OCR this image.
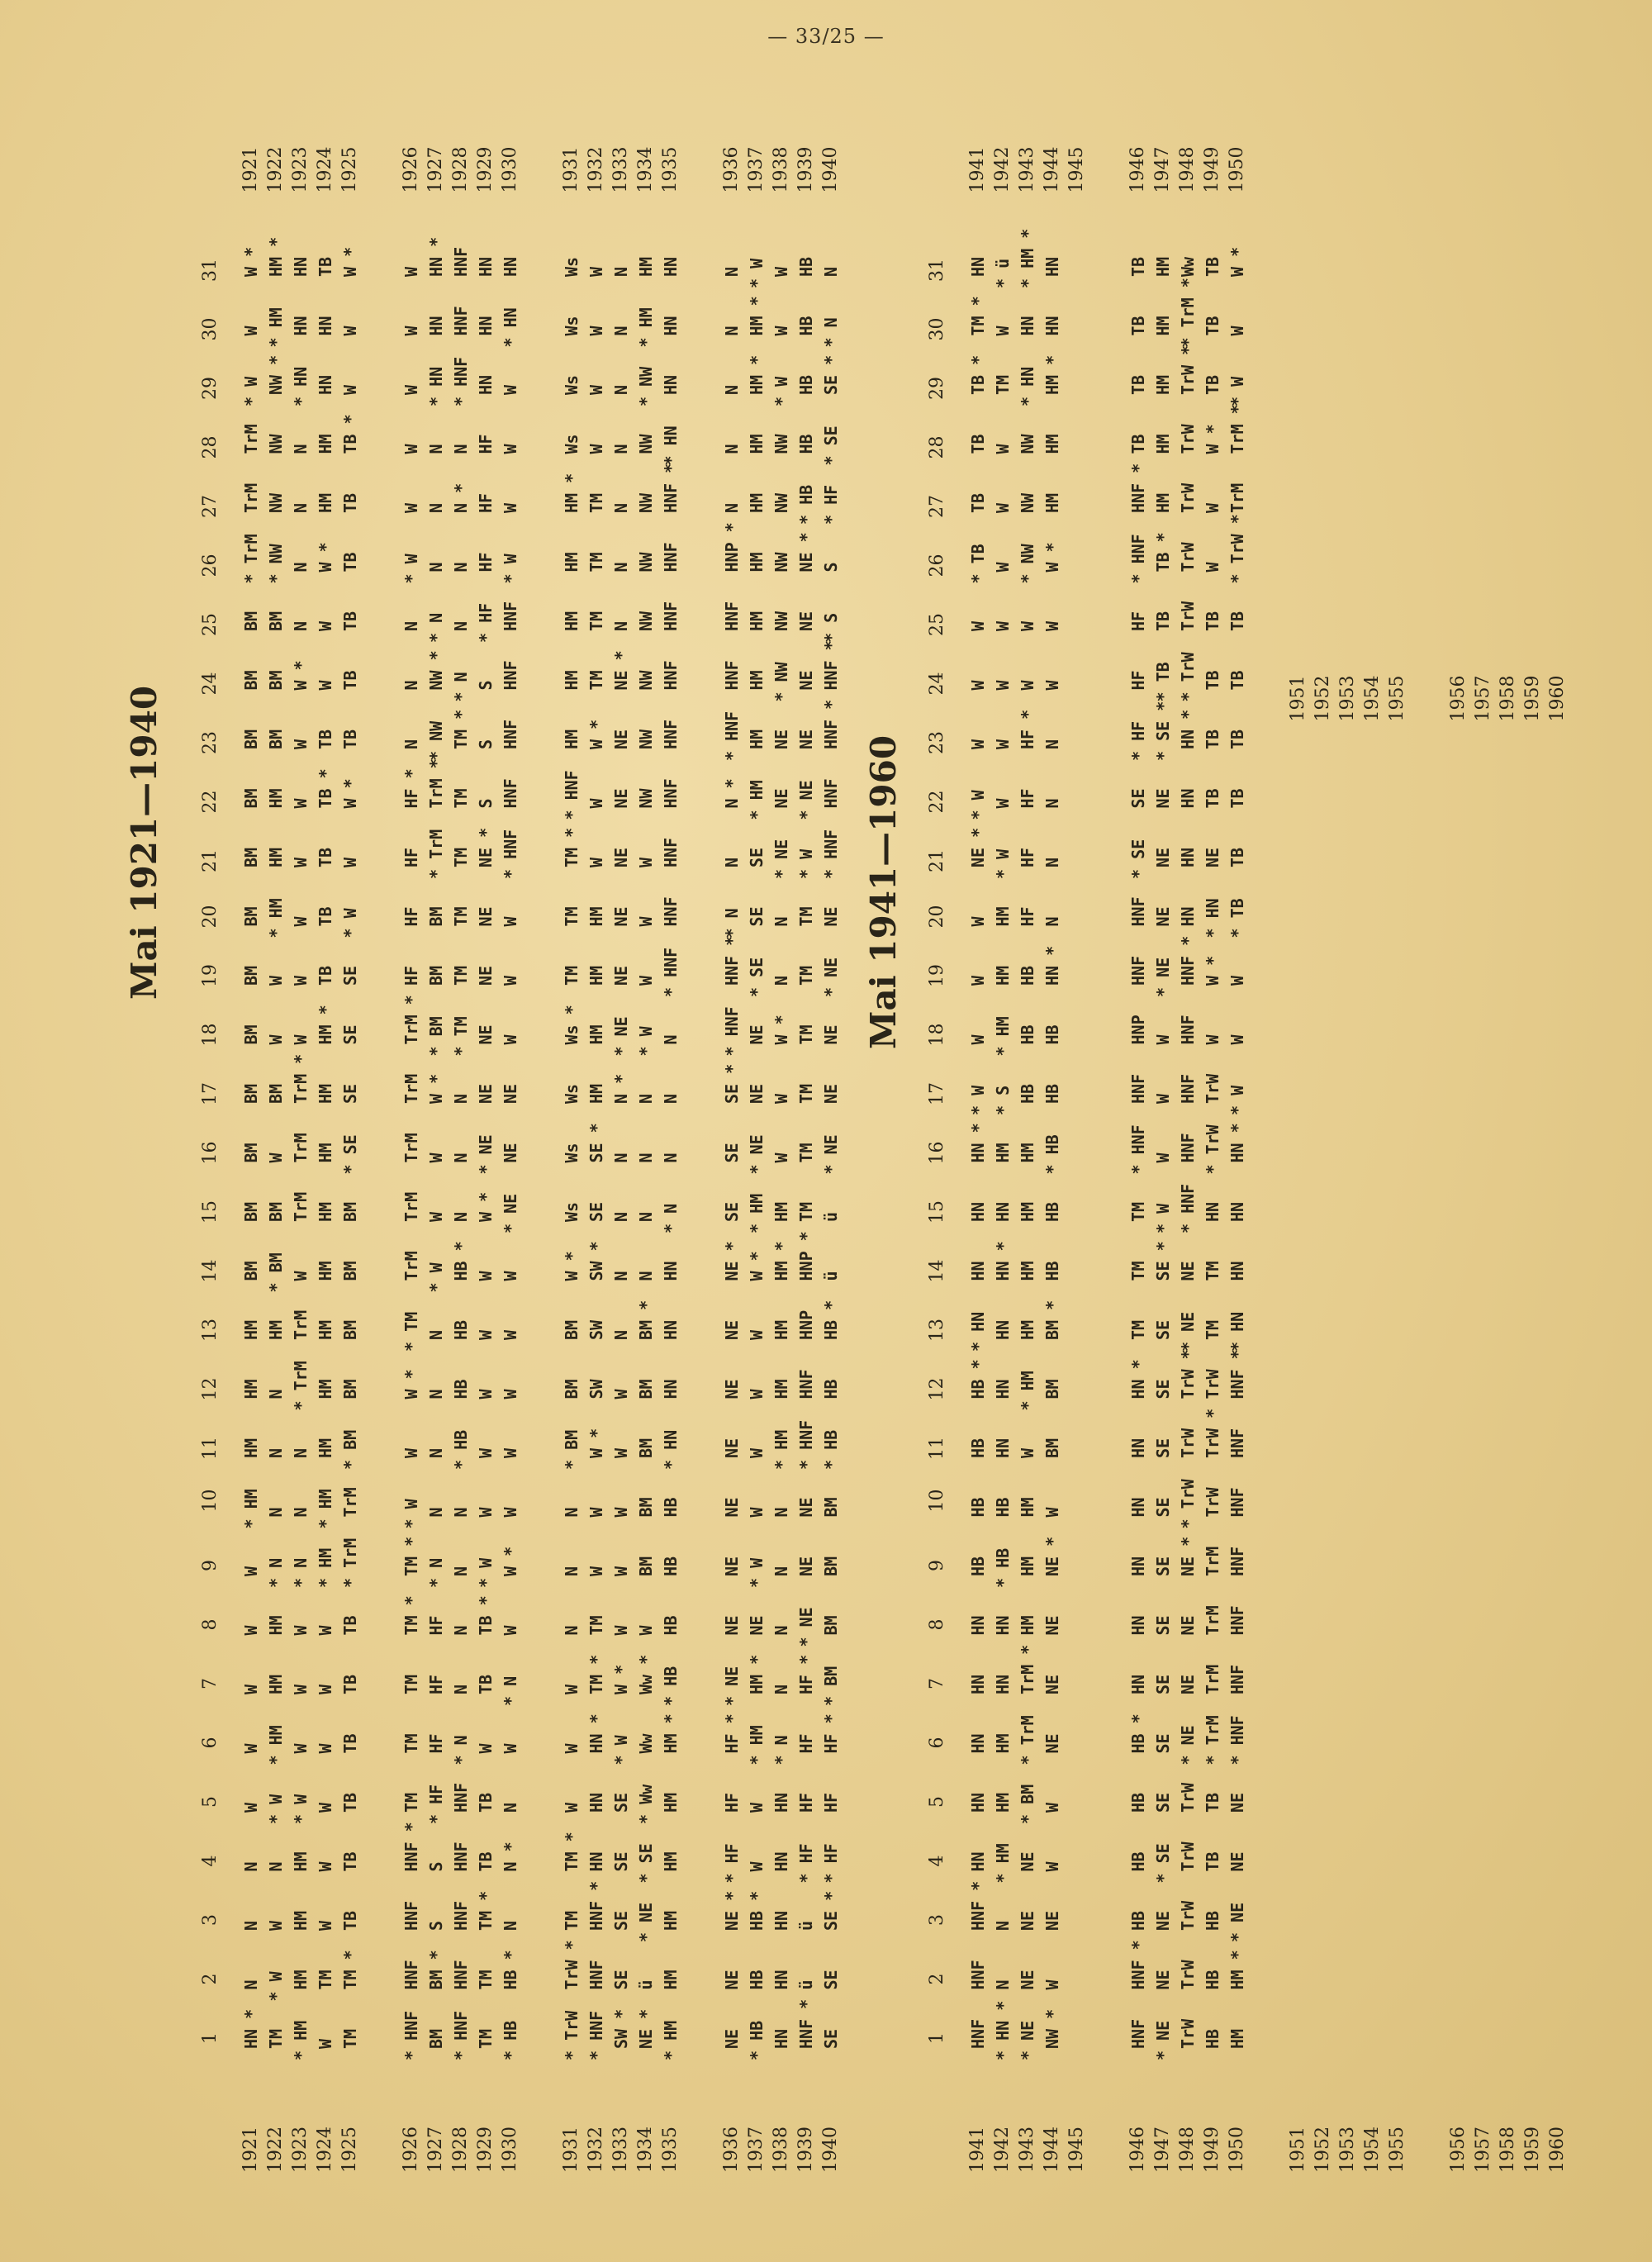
— 33/25 —
Mai 1921—1940
1
2
3
4
5
6
7
8
9
10
11
12
13
14
15
16
17
18
19
20
21
22
23
24
25
26
27
28
29
30
31
1921
1921
HN *
N
N
N
W
W
W
W
W
* HM
HM
HM
HM
BM
BM
BM
BM
BM
BM
BM
BM
BM
BM
BM
BM
* TrM
TrM
TrM
* W
W
W *
1922
1922
TM
* W
W
N
* W
* HM
HM
HM
* N
N
N
N
HM
* BM
BM
W
BM
W
W
* HM
HM
HM
BM
BM
BM
* NW
NW
NW
NW *
* HM
HM *
1923
1923
* HM
HM
HM
HM
* W
W
W
W
* N
N
N
* TrM
TrM
W
TrM
TrM
TrM *
W
W
W
W
W
W
W *
N
N
N
N
* HN
HN
HN
1924
1924
W
TM
W
W
W
W
W
W
* HM
* HM
HM
HM
HM
HM
HM
HM
HM
HM *
TB
TB
TB
TB *
TB
W
W
W *
HM
HM
HN
HN
TB
1925
1925
TM
TM *
TB
TB
TB
TB
TB
TB
* TrM
TrM
* BM
BM
BM
BM
BM
* SE
SE
SE
SE
* W
W
W *
TB
TB
TB
TB
TB
TB *
W
W
W *
1926
1926
* HNF
HNF
HNF
HNF *
TM
TM
TM
TM *
TM *
* W
W
W *
* TM
TrM
TrM
TrM
TrM
TrM *
HF
HF
HF
HF *
N
N
N
* W
W
W
W
W
W
1927
1927
BM
BM *
S
S
* HF
HF
HF
HF
* N
N
N
N
N
* W
W
W
W *
* BM
BM
BM
* TrM
TrM *
* NW
NW *
* N
N
N
N
* HN
HN
HN *
1928
1928
* HNF
HNF
HNF
HNF
HNF
* N
N
N
N
N
* HB
HB
HB
HB *
N
N
N
* TM
TM
TM
TM
TM
TM *
* N
N
N
N *
N
* HNF
HNF
HNF
1929
1929
TM
TM
TM *
TB
TB
W
TB
TB *
* W
W
W
W
W
W
W *
* NE
NE
NE
NE
NE
NE *
S
S
S
* HF
HF
HF
HF
HN
HN
HN
1930
1930
* HB
HB *
N
N *
N
W
* N
W
W *
W
W
W
W
W
* NE
NE
NE
W
W
W
* HNF
HNF
HNF
HNF
HNF
* W
W
W
W
* HN
HN
1931
1931
* TrW
TrW *
TM
TM *
W
W
W
N
N
N
* BM
BM
BM
W *
Ws
Ws
Ws
Ws *
TM
TM
TM *
* HNF
HM
HM
HM
HM
HM *
Ws
Ws
Ws
Ws
1932
1932
* HNF
HNF
HNF *
HN
HN
HN *
TM *
TM
W
W
W *
SW
SW
SW *
SE
SE *
HM
HM
HM
HM
W
W
W *
TM
TM
TM
TM
W
W
W
W
1933
1933
SW *
SE
SE
SE
SE
* W
W *
W
W
W
W
W
N
N
N
N
N *
* NE
NE
NE
NE
NE
NE
NE *
N
N
N
N
N
N
N
1934
1934
NE *
ü
* NE
* SE
* Ww
Ww
Ww *
W
BM
BM
BM
BM
BM *
N
N
N
N
* W
W
W
W
NW
NW
NW
NW
NW
NW
NW
* NW
* HM
HM
1935
1935
* HM
HM
HM
HM
HM
HM *
* HB
HB
HB
HB
* HN
HN
HN
HN
* N
N
N
N
* HNF
HNF
HNF
HNF
HNF
HNF
HNF
HNF
HNF *
* HN
HN
HN
HN
1936
1936
NE
NE
NE *
* HF
HF
HF *
* NE
NE
NE
NE
NE
NE
NE
NE *
SE
SE
SE *
* HNF
HNF *
* N
N
N *
* HNF
HNF
HNF
HNP *
N
N
N
N
N
1937
1937
* HB
HB
HB *
W
W
* HM
HM *
NE
* W
W
W
W
W
W *
* HM
* NE
NE
NE
* SE
SE
SE
* HM
HM
HM
HM
HM
HM
HM
HM *
HM *
* W
1938
1938
HN
HN
HN
HN
HN
* N
N
N
N
N
* HM
HM
HM
HM *
HM
W
W
W *
N
N
* NE
NE
NE
* NW
NW
NW
NW
NW
* W
W
W
1939
1939
HNF *
ü
ü
* HF
HF
HF
HF *
* NE
NE
NE
* HNF
HNF
HNP
HNP *
TM
TM
TM
TM
TM
TM
* W
* NE
NE
NE
NE
NE *
* HB
HB
HB
HB
HB
1940
1940
SE
SE
SE *
* HF
HF
HF *
* BM
BM
BM
BM
* HB
HB
HB *
ü
ü
* NE
NE
NE
* NE
NE
* HNF
HNF
HNF *
HNF *
* S
S
* HF
* SE
SE *
* N
N
Mai 1941—1960
1
2
3
4
5
6
7
8
9
10
11
12
13
14
15
16
17
18
19
20
21
22
23
24
25
26
27
28
29
30
31
1941
1941
HNF
HNF
HNF *
HN
HN
HN
HN
HN
HB
HB
HB
HB *
* HN
HN
HN
HN *
* W
W
W
W
NE *
* W
W
W
W
* TB
TB
TB
TB *
TM *
HN
1942
1942
* HN *
N
N
* HM
HM
HM
HN
HN
* HB
HB
HN
HN
HN
HN *
HN
HM
* S
* HM
HM
HM
* W
W
W
W
W
W
W
W
TM
W
* ü
1943
1943
* NE
NE
NE
NE
* BM
* TrM
TrM *
HM
HM
HM
W
* HM
HM
HM
HM
HM
HB
HB
HB
HF
HF
HF
HF *
W
W
* NW
NW
NW
* HN
HN
* HM *
1944
1944
NW *
W
NE
W
W
NE
NE
NE
NE *
W
BM
BM
BM *
HB
HB
* HB
HB
HB
HN *
N
N
N
N
W
W
W *
HM
HM
HM *
HN
HN
1945
1945
1946
1946
HNF
HNF *
HB
HB
HB
HB *
HN
HN
HN
HN
HN
HN *
TM
TM
TM
* HNF
HNF
HNP
HNF
HNF
* SE
SE
* HF
HF
HF
* HNF
HNF *
TB
TB
TB
TB
1947
1947
* NE
NE
NE
* SE
SE
SE
SE
SE
SE
SE
SE
SE
SE
SE *
* W
W
W
W
* NE
NE
NE
NE
* SE *
* TB
TB
TB *
HM
HM
HM
HM
HM
1948
1948
TrW
TrW
TrW
TrW
TrW
* NE
NE
NE
NE *
* TrW
TrW
TrW *
* NE
NE
* HNF
HNF
HNF
HNF
HNF *
HN
HN
HN
HN *
* TrW
TrW
TrW
TrW
TrW
TrW *
* TrM *
Ww
1949
1949
HB
HB
HB
TB
TB
* TrM
TrM
TrM
TrM
TrW
TrW *
TrW
TM
TM
HN
* TrW
TrW
W
W *
* HN
NE
TB
TB
TB
TB
W
W
W *
TB
TB
TB
1950
1950
HM
HM *
* NE
NE
NE
* HNF
HNF
HNF
HNF
HNF
HNF
HNF *
* HN
HN
HN
HN *
* W
W
W
* TB
TB
TB
TB
TB
TB
* TrW *
TrM
TrM *
* W
W
W *
1951
1951
1952
1952
1953
1953
1954
1954
1955
1955
1956
1956
1957
1957
1958
1958
1959
1959
1960
1960
